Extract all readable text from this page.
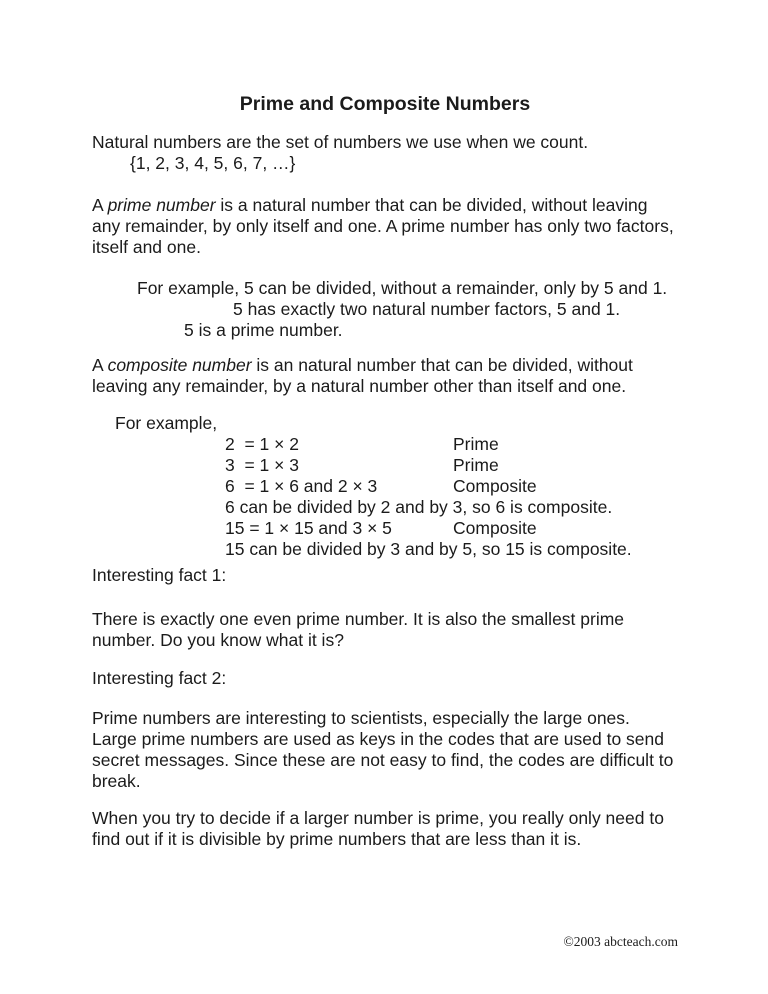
Prime and Composite Numbers
Natural numbers are the set of numbers we use when we count.
{1, 2, 3, 4, 5, 6, 7, …}
A prime number is a natural number that can be divided, without leaving
any remainder, by only itself and one. A prime number has only two factors,
itself and one.
For example, 5 can be divided, without a remainder, only by 5 and 1.
5 has exactly two natural number factors, 5 and 1.
5 is a prime number.
A composite number is an natural number that can be divided, without
leaving any remainder, by a natural number other than itself and one.
For example,
2  = 1 × 2	Prime
3  = 1 × 3	Prime
6  = 1 × 6 and 2 × 3	Composite
6 can be divided by 2 and by 3, so 6 is composite.
15 = 1 × 15 and 3 × 5	Composite
15 can be divided by 3 and by 5, so 15 is composite.
Interesting fact 1:
There is exactly one even prime number. It is also the smallest prime
number. Do you know what it is?
Interesting fact 2:
Prime numbers are interesting to scientists, especially the large ones.
Large prime numbers are used as keys in the codes that are used to send
secret messages. Since these are not easy to find, the codes are difficult to
break.
When you try to decide if a larger number is prime, you really only need to
find out if it is divisible by prime numbers that are less than it is.
©2003 abcteach.com
